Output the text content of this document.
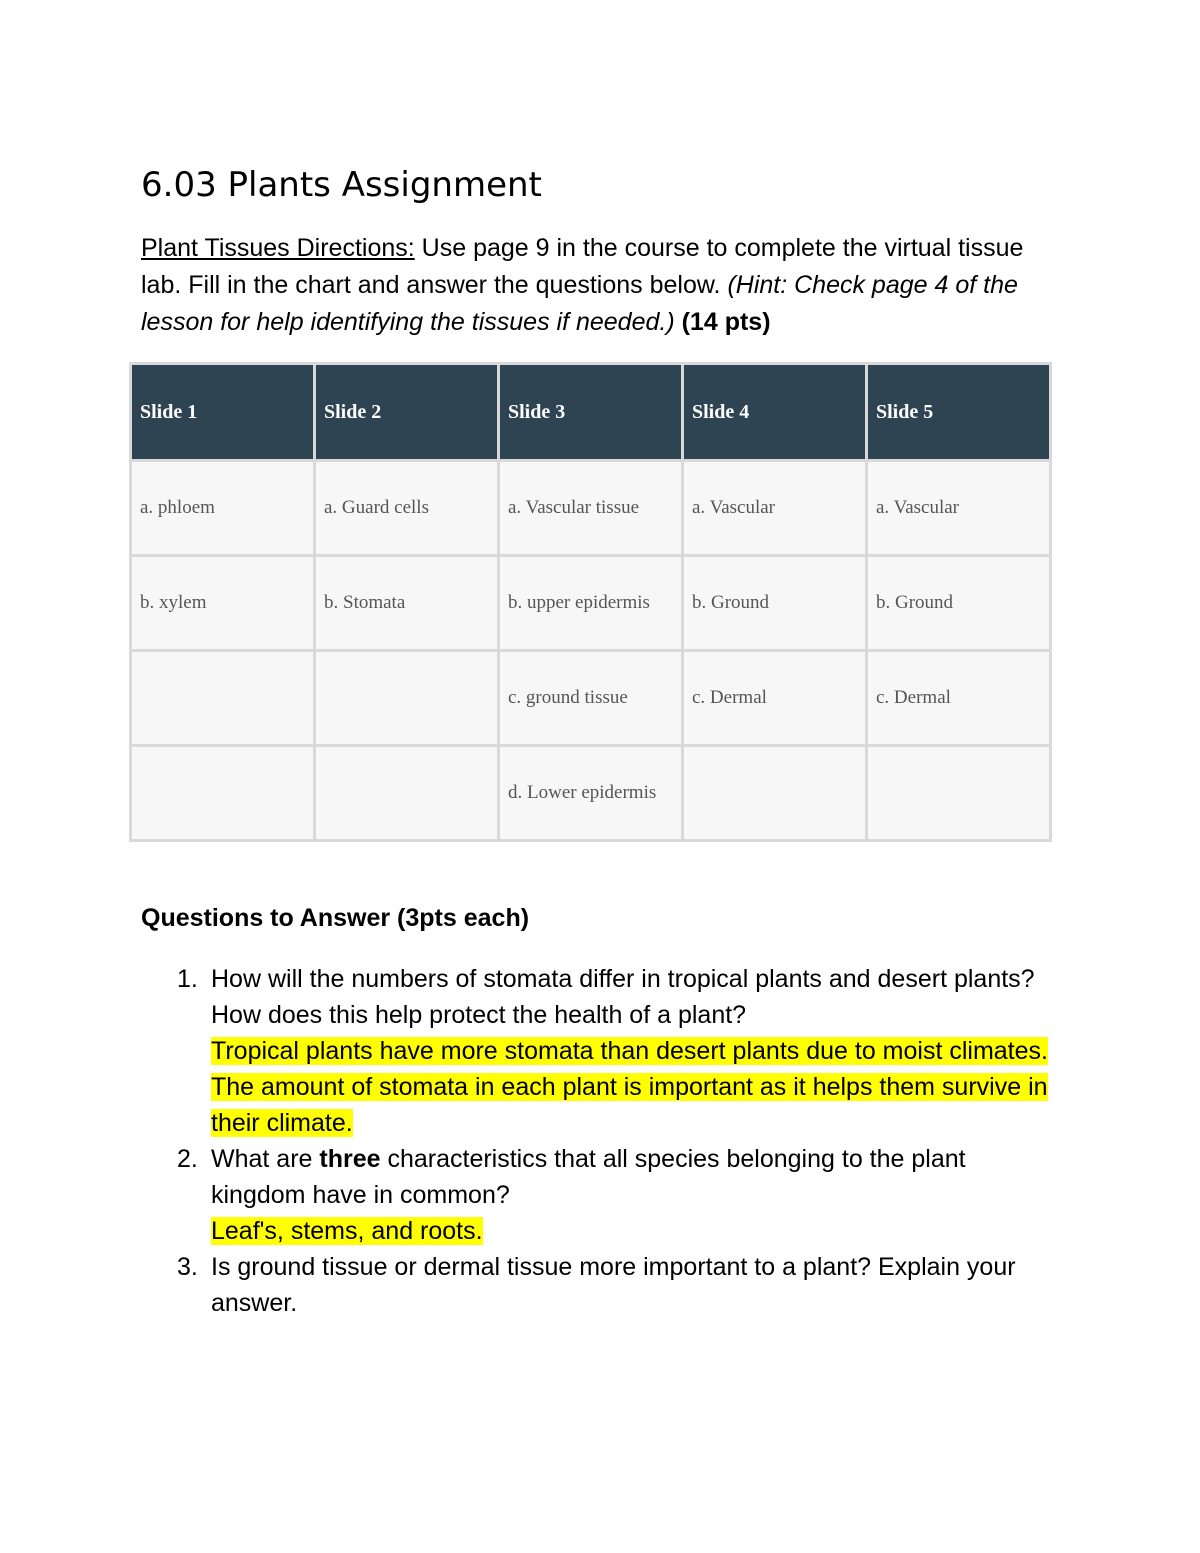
6.03 Plants Assignment

Plant Tissues Directions: Use page 9 in the course to complete the virtual tissue lab. Fill in the chart and answer the questions below. (Hint: Check page 4 of the lesson for help identifying the tissues if needed.) (14 pts)

Slide 1	Slide 2	Slide 3	Slide 4	Slide 5
a. phloem	a. Guard cells	a. Vascular tissue	a. Vascular	a. Vascular
b. xylem	b. Stomata	b. upper epidermis	b. Ground	b. Ground
		c. ground tissue	c. Dermal	c. Dermal
		d. Lower epidermis		
Questions to Answer (3pts each)
1. How will the numbers of stomata differ in tropical plants and desert plants? How does this help protect the health of a plant?
Tropical plants have more stomata than desert plants due to moist climates. The amount of stomata in each plant is important as it helps them survive in their climate.
2. What are three characteristics that all species belonging to the plant kingdom have in common?
Leaf's, stems, and roots.
3. Is ground tissue or dermal tissue more important to a plant? Explain your answer.
